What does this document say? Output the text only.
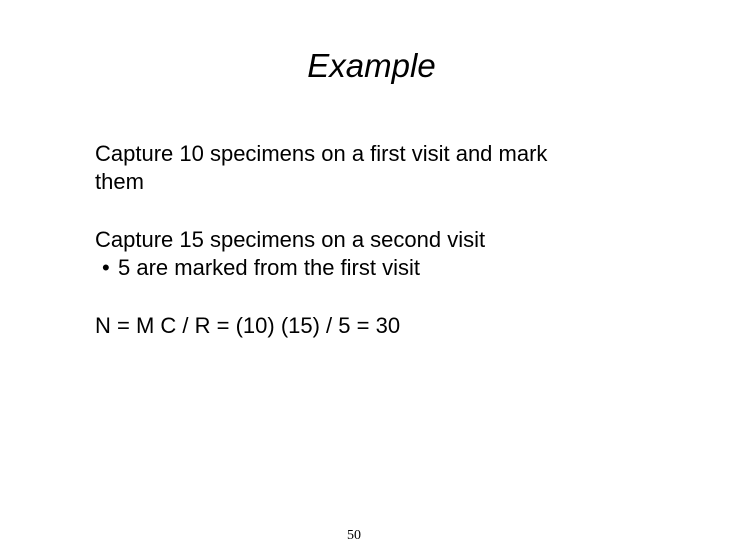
Example
Capture 10 specimens on a first visit and mark
them
Capture 15 specimens on a second visit
• 5 are marked from the first visit
N = M C / R = (10) (15) / 5 = 30
50
